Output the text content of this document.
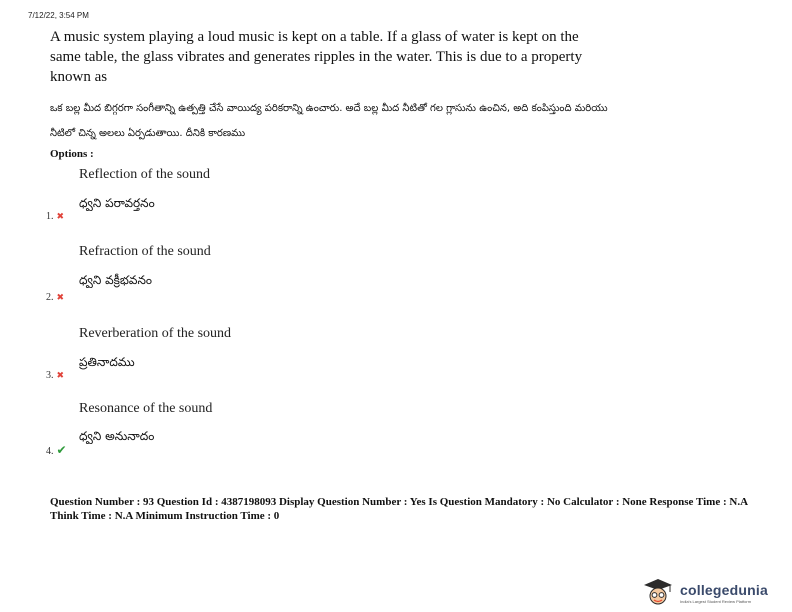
7/12/22, 3:54 PM
A music system playing a loud music is kept on a table. If a glass of water is kept on the same table, the glass vibrates and generates ripples in the water. This is due to a property known as
ఒక బల్ల మీద బిగ్గరగా సంగీతాన్ని ఉత్పత్తి చేసే వాయిద్య పరికరాన్ని ఉంచారు. అదే బల్ల మీద నీటితో గల గ్లాసును ఉంచిన, అది కంపిస్తుంది మరియు నీటిలో చిన్న అలలు ఏర్పడుతాయి. దీనికి కారణము
Options :
Reflection of the sound
ధ్వని పరావర్తనం
1. ✖
Refraction of the sound
ధ్వని వక్రీభవనం
2. ✖
Reverberation of the sound
ప్రతినాదము
3. ✖
Resonance of the sound
ధ్వని అనునాదం
4. ✔
Question Number : 93 Question Id : 4387198093 Display Question Number : Yes Is Question Mandatory : No Calculator : None Response Time : N.A Think Time : N.A Minimum Instruction Time : 0
collegedunia
India's Largest Student Review Platform
